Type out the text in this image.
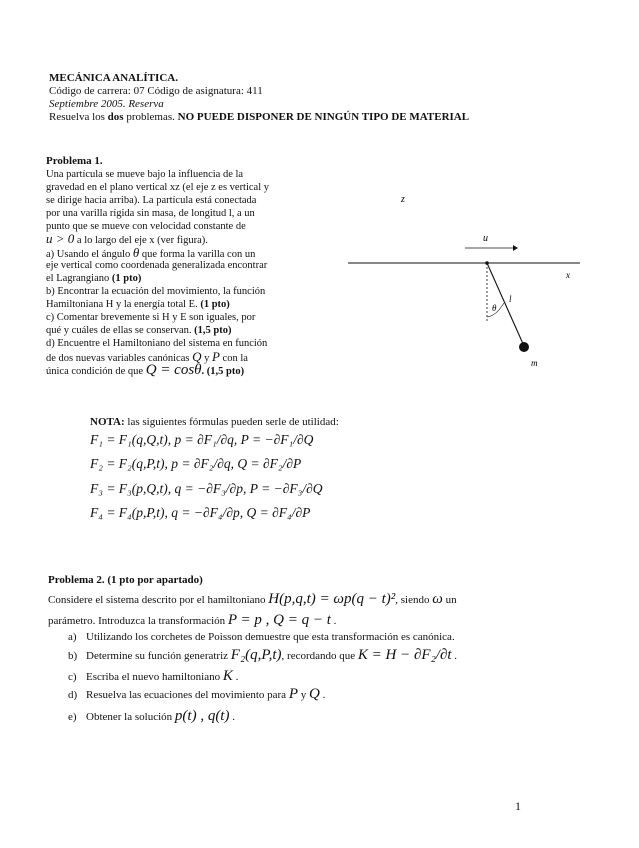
MECÁNICA ANALÍTICA.
Código de carrera: 07 Código de asignatura: 411
Septiembre 2005. Reserva
Resuelva los dos problemas. NO PUEDE DISPONER DE NINGÚN TIPO DE MATERIAL
Problema 1.
Una partícula se mueve bajo la influencia de la
gravedad en el plano vertical xz (el eje z es vertical y
se dirige hacia arriba). La partícula está conectada
por una varilla rígida sin masa, de longitud l, a un
punto que se mueve con velocidad constante de
u > 0 a lo largo del eje x (ver figura).
a) Usando el ángulo θ que forma la varilla con un
eje vertical como coordenada generalizada encontrar
el Lagrangiano (1 pto)
b) Encontrar la ecuación del movimiento, la función
Hamiltoniana H y la energía total E. (1 pto)
c) Comentar brevemente si H y E son iguales, por
qué y cuáles de ellas se conservan. (1,5 pto)
d) Encuentre el Hamiltoniano del sistema en función
de dos nuevas variables canónicas Q y P con la
única condición de que Q = cosθ. (1,5 pto)
z
u
x
θ
l
m
NOTA: las siguientes fórmulas pueden serle de utilidad:
F₁ = F₁(q,Q,t), p = ∂F₁/∂q, P = −∂F₁/∂Q
F₂ = F₂(q,P,t), p = ∂F₂/∂q, Q = ∂F₂/∂P
F₃ = F₃(p,Q,t), q = −∂F₃/∂p, P = −∂F₃/∂Q
F₄ = F₄(p,P,t), q = −∂F₄/∂p, Q = ∂F₄/∂P
Problema 2. (1 pto por apartado)
Considere el sistema descrito por el hamiltoniano H(p,q,t) = ωp(q − t)², siendo ω un
parámetro. Introduzca la transformación P = p , Q = q − t .
a) Utilizando los corchetes de Poisson demuestre que esta transformación es canónica.
b) Determine su función generatriz F₂(q,P,t), recordando que K = H − ∂F₂/∂t .
c) Escriba el nuevo hamiltoniano K .
d) Resuelva las ecuaciones del movimiento para P y Q .
e) Obtener la solución p(t) , q(t) .
1
